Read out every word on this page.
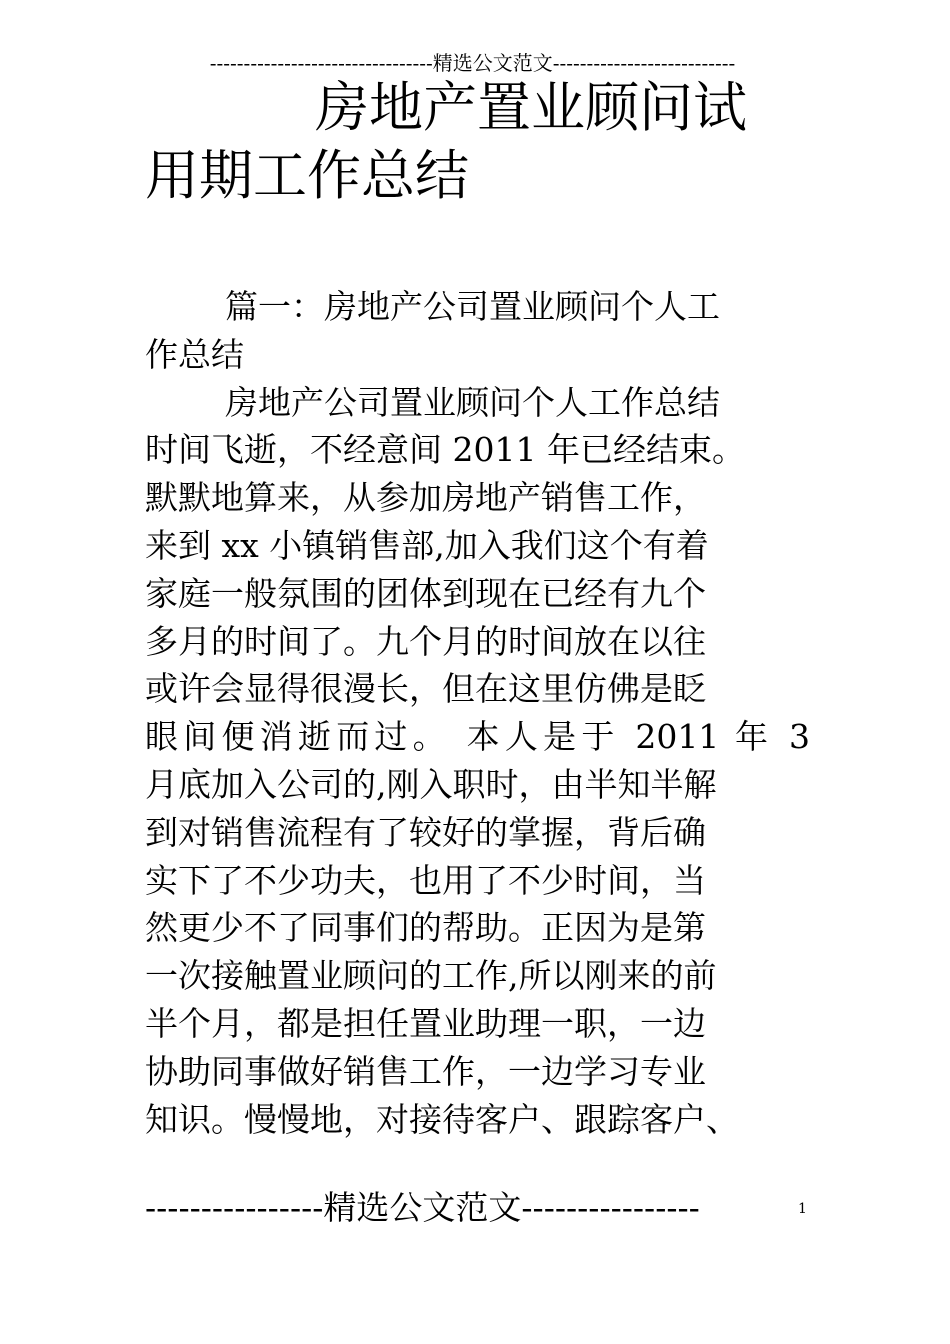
---------------------------------精选公文范文---------------------------
房地产置业顾问试
用期工作总结
篇一：房地产公司置业顾问个人工
作总结
房地产公司置业顾问个人工作总结
时间飞逝，不经意间 2011 年已经结束。
默默地算来，从参加房地产销售工作，
来到 xx 小镇销售部,加入我们这个有着
家庭一般氛围的团体到现在已经有九个
多月的时间了。九个月的时间放在以往
或许会显得很漫长，但在这里仿佛是眨
眼间便消逝而过。 本人是于 2011 年 3
月底加入公司的,刚入职时，由半知半解
到对销售流程有了较好的掌握，背后确
实下了不少功夫，也用了不少时间，当
然更少不了同事们的帮助。正因为是第
一次接触置业顾问的工作,所以刚来的前
半个月，都是担任置业助理一职，一边
协助同事做好销售工作，一边学习专业
知识。慢慢地，对接待客户、跟踪客户、
----------------精选公文范文----------------	1
